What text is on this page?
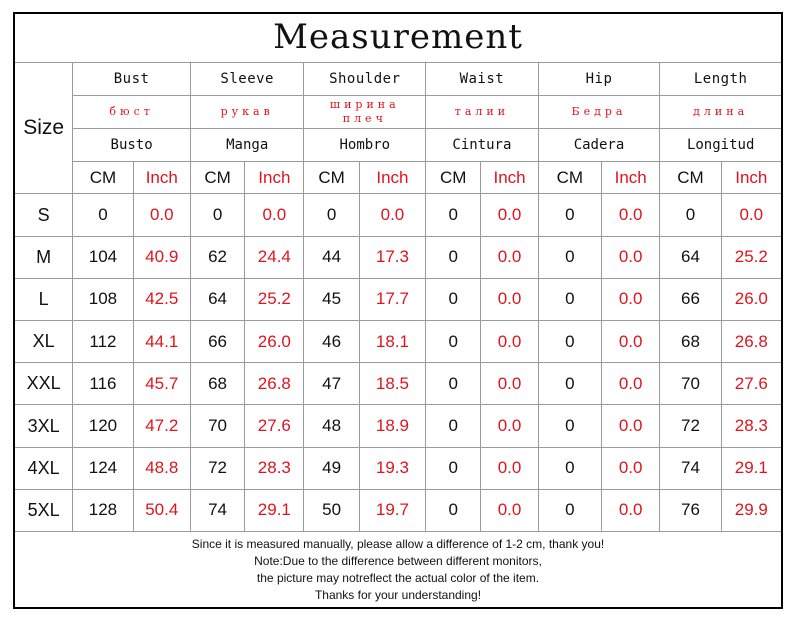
Measurement												
Size	Bust		Sleeve		Shoulder		Waist		Hip		Length	
	бюст		рукав		ширина плеч		талии		Бедра		длина	
	Busto		Manga		Hombro		Cintura		Cadera		Longitud	
	CM	Inch	CM	Inch	CM	Inch	CM	Inch	CM	Inch	CM	Inch
S	0	0.0	0	0.0	0	0.0	0	0.0	0	0.0	0	0.0
M	104	40.9	62	24.4	44	17.3	0	0.0	0	0.0	64	25.2
L	108	42.5	64	25.2	45	17.7	0	0.0	0	0.0	66	26.0
XL	112	44.1	66	26.0	46	18.1	0	0.0	0	0.0	68	26.8
XXL	116	45.7	68	26.8	47	18.5	0	0.0	0	0.0	70	27.6
3XL	120	47.2	70	27.6	48	18.9	0	0.0	0	0.0	72	28.3
4XL	124	48.8	72	28.3	49	19.3	0	0.0	0	0.0	74	29.1
5XL	128	50.4	74	29.1	50	19.7	0	0.0	0	0.0	76	29.9

Since it is measured manually, please allow a difference of 1-2 cm, thank you!
Note:Due to the difference between different monitors,
the picture may notreflect the actual color of the item.
Thanks for your understanding!												
